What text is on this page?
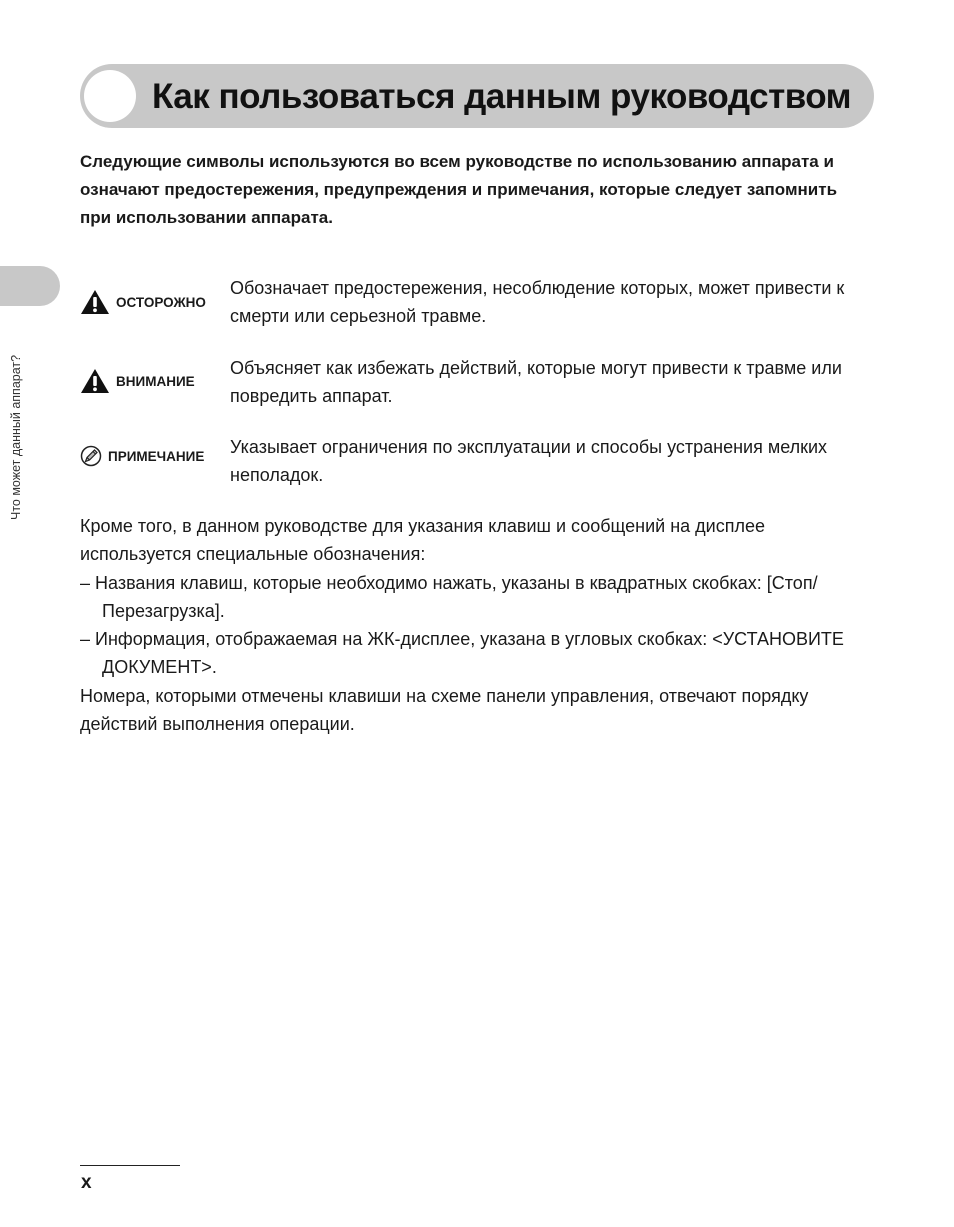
Как пользоваться данным руководством
Что может данный аппарат?

Следующие символы используются во всем руководстве по использованию аппарата и означают предостережения, предупреждения и примечания, которые следует запомнить при использовании аппарата.

ОСТОРОЖНО

Обозначает предостережения, несоблюдение которых, может привести к смерти или серьезной травме.

ВНИМАНИЕ

Объясняет как избежать действий, которые могут привести к травме или повредить аппарат.

ПРИМЕЧАНИЕ Указывает ограничения по эксплуатации и способы устранения мелких неполадок.

Кроме того, в данном руководстве для указания клавиш и сообщений на дисплее используется специальные обозначения:

– Названия клавиш, которые необходимо нажать, указаны в квадратных скобках: [Стоп/Перезагрузка].

– Информация, отображаемая на ЖК-дисплее, указана в угловых скобках: <УСТАНОВИТЕ ДОКУМЕНТ>.

Номера, которыми отмечены клавиши на схеме панели управления, отвечают порядку действий выполнения операции.

x
